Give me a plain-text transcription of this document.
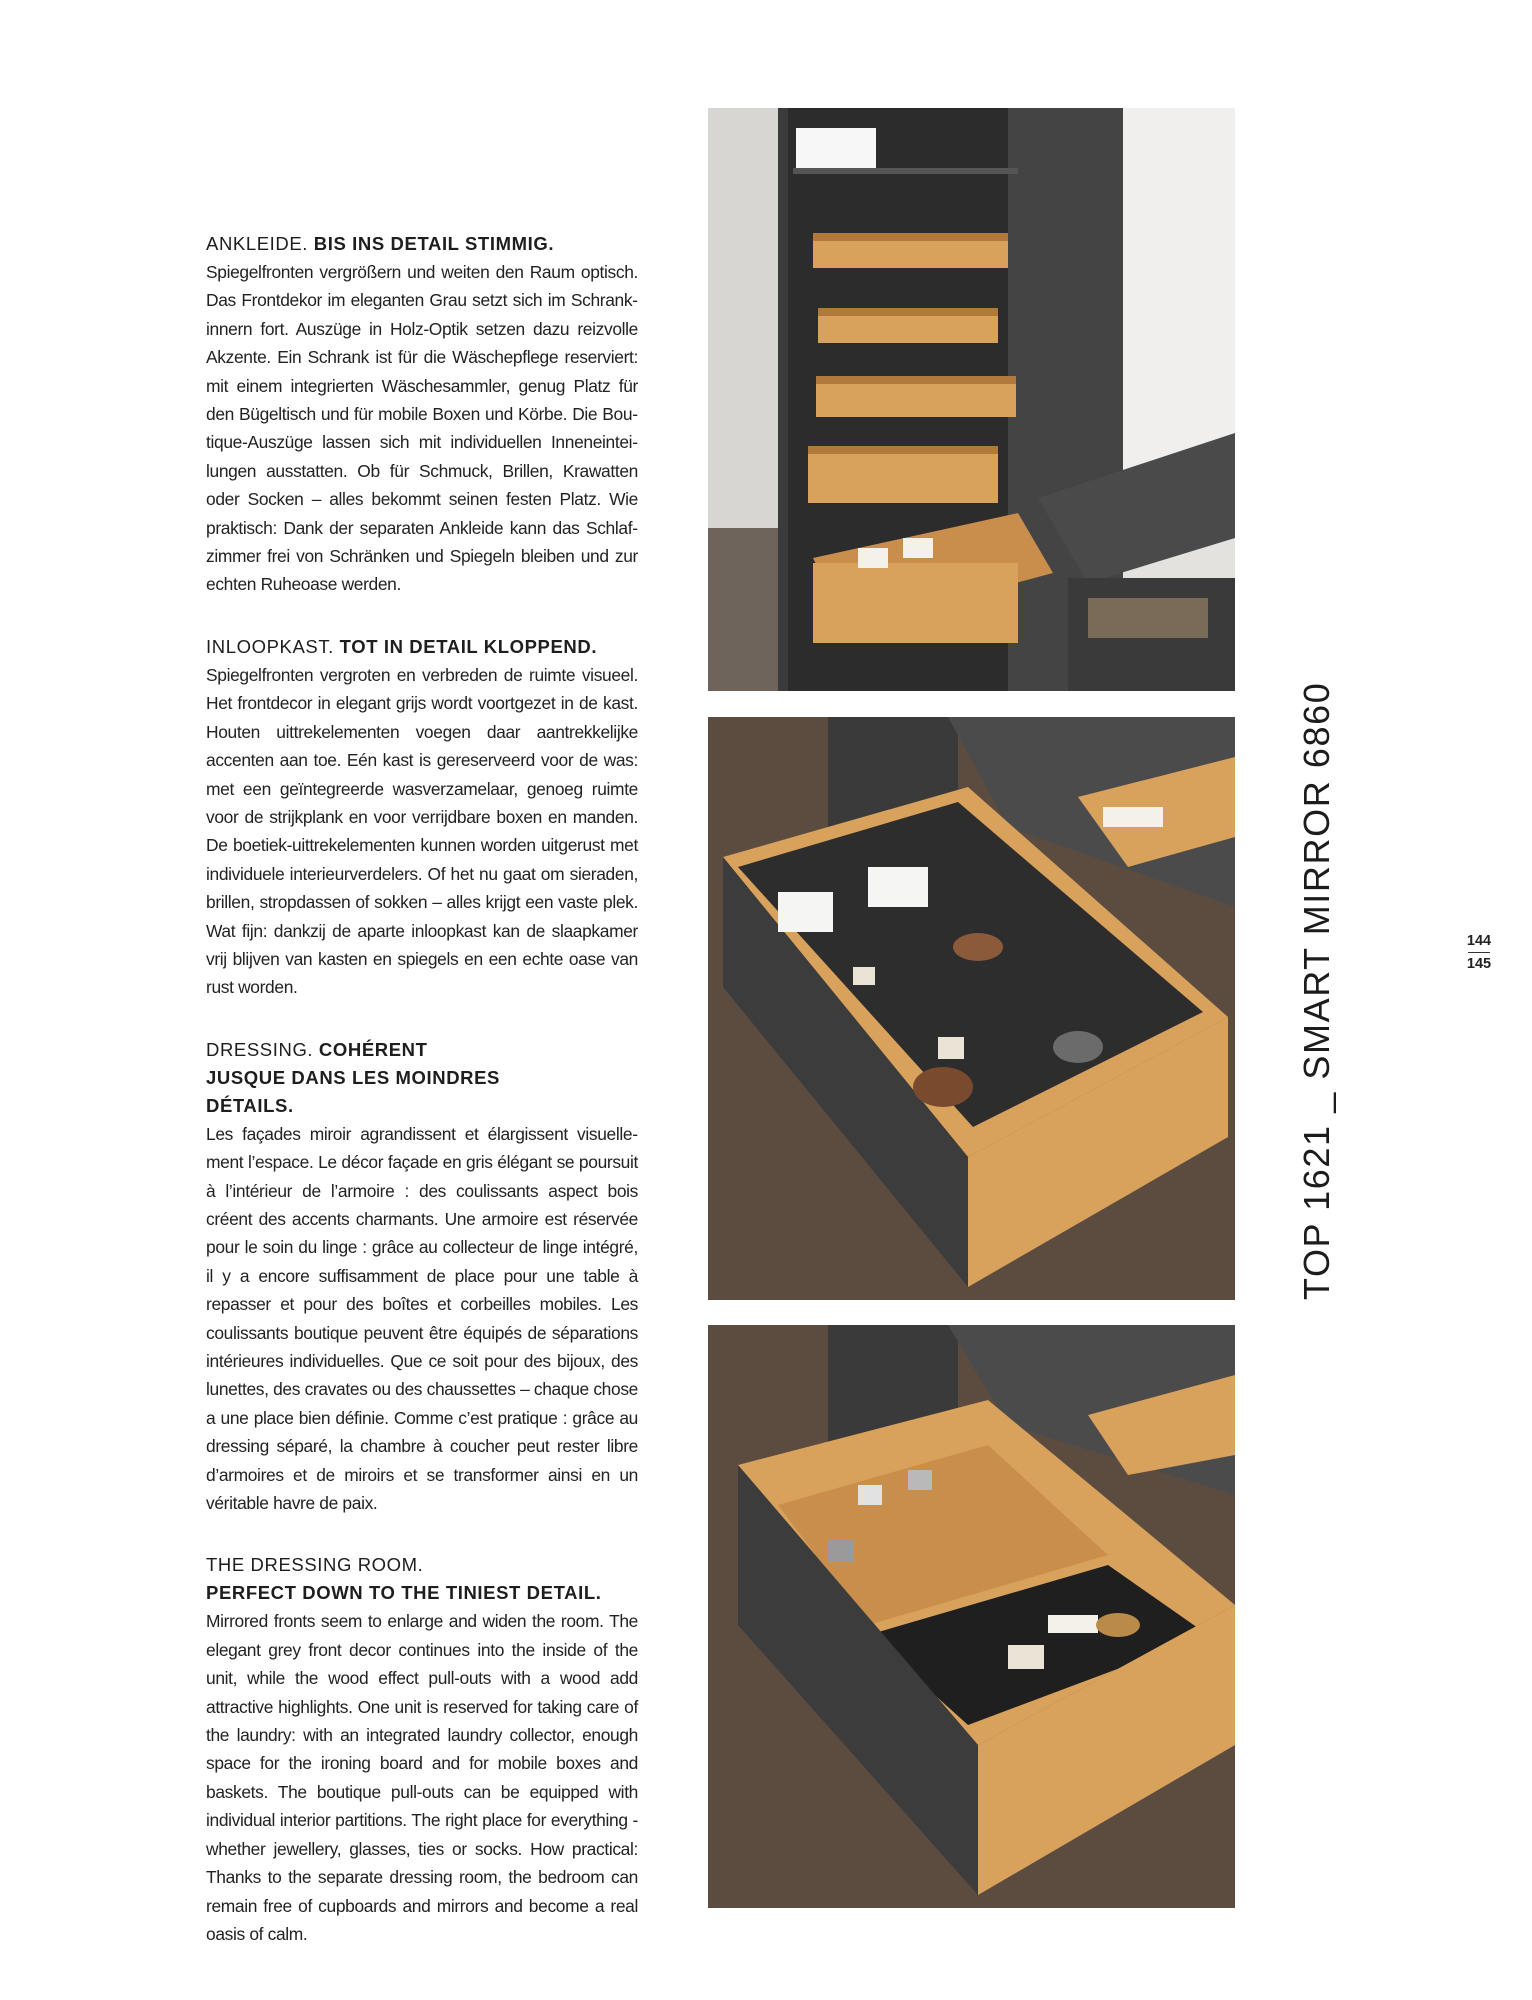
ANKLEIDE. BIS INS DETAIL STIMMIG.

Spiegelfronten vergrößern und weiten den Raum optisch. Das Frontdekor im eleganten Grau setzt sich im Schrankinnern fort. Auszüge in Holz-Optik setzen dazu reizvolle Akzente. Ein Schrank ist für die Wäschepflege reserviert: mit einem integrierten Wäschesammler, genug Platz für den Bügeltisch und für mobile Boxen und Körbe. Die Boutique-Auszüge lassen sich mit individuellen Inneneinteilungen ausstatten. Ob für Schmuck, Brillen, Krawatten oder Socken – alles bekommt seinen festen Platz. Wie praktisch: Dank der separaten Ankleide kann das Schlafzimmer frei von Schränken und Spiegeln bleiben und zur echten Ruheoase werden.

INLOOPKAST. TOT IN DETAIL KLOPPEND.

Spiegelfronten vergroten en verbreden de ruimte visueel. Het frontdecor in elegant grijs wordt voortgezet in de kast. Houten uittrekelementen voegen daar aantrekkelijke accenten aan toe. Eén kast is gereserveerd voor de was: met een geïntegreerde wasverzamelaar, genoeg ruimte voor de strijkplank en voor verrijdbare boxen en manden. De boetiek-uittrekelementen kunnen worden uitgerust met individuele interieurverdelers. Of het nu gaat om sieraden, brillen, stropdassen of sokken – alles krijgt een vaste plek. Wat fijn: dankzij de aparte inloopkast kan de slaapkamer vrij blijven van kasten en spiegels en een echte oase van rust worden.

DRESSING. COHÉRENT JUSQUE DANS LES MOINDRES DÉTAILS.

Les façades miroir agrandissent et élargissent visuellement l’espace. Le décor façade en gris élégant se poursuit à l’intérieur de l’armoire : des coulissants aspect bois créent des accents charmants. Une armoire est réservée pour le soin du linge : grâce au collecteur de linge intégré, il y a encore suffisamment de place pour une table à repasser et pour des boîtes et corbeilles mobiles. Les coulissants boutique peuvent être équipés de séparations intérieures individuelles. Que ce soit pour des bijoux, des lunettes, des cravates ou des chaussettes – chaque chose a une place bien définie. Comme c’est pratique : grâce au dressing séparé, la chambre à coucher peut rester libre d’armoires et de miroirs et se transformer ainsi en un véritable havre de paix.

THE DRESSING ROOM.
PERFECT DOWN TO THE TINIEST DETAIL.

Mirrored fronts seem to enlarge and widen the room. The elegant grey front decor continues into the inside of the unit, while the wood effect pull-outs with a wood add attractive highlights. One unit is reserved for taking care of the laundry: with an integrated laundry collector, enough space for the ironing board and for mobile boxes and baskets. The boutique pull-outs can be equipped with individual interior partitions. The right place for everything - whether jewellery, glasses, ties or socks. How practical: Thanks to the separate dressing room, the bedroom can remain free of cupboards and mirrors and become a real oasis of calm.

TOP 1621 _ SMART MIRROR 6860	144
145
